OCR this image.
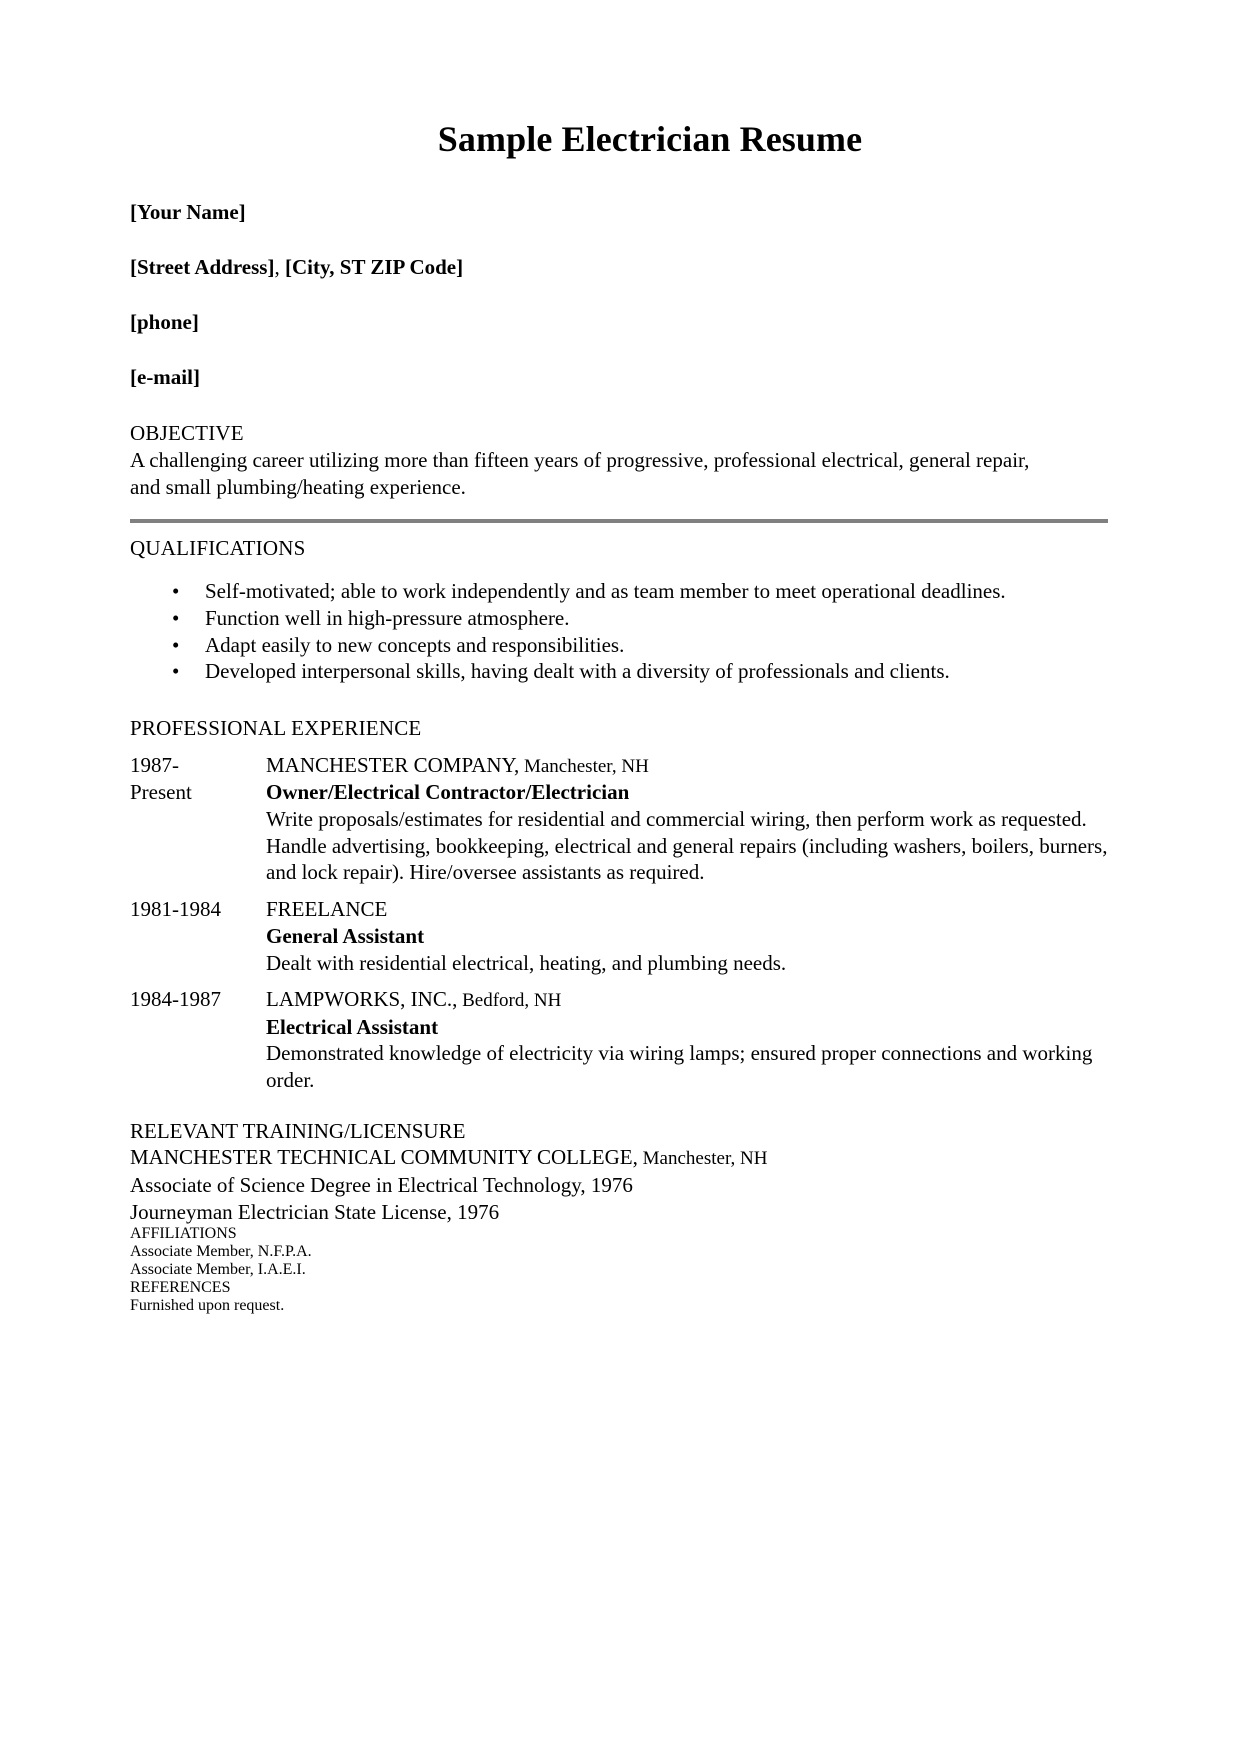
Sample Electrician Resume

[Your Name]

[Street Address], [City, ST ZIP Code]

[phone]

[e-mail]

OBJECTIVE
A challenging career utilizing more than fifteen years of progressive, professional electrical, general repair, and small plumbing/heating experience.
QUALIFICATIONS
• Self-motivated; able to work independently and as team member to meet operational deadlines.
• Function well in high-pressure atmosphere.
• Adapt easily to new concepts and responsibilities.
• Developed interpersonal skills, having dealt with a diversity of professionals and clients.
PROFESSIONAL EXPERIENCE
1987-
Present
MANCHESTER COMPANY, Manchester, NH
Owner/Electrical Contractor/Electrician
Write proposals/estimates for residential and commercial wiring, then perform work as requested. Handle advertising, bookkeeping, electrical and general repairs (including washers, boilers, burners, and lock repair). Hire/oversee assistants as required.
1981-1984	FREELANCE
General Assistant
Dealt with residential electrical, heating, and plumbing needs.
1984-1987	LAMPWORKS, INC., Bedford, NH
Electrical Assistant
Demonstrated knowledge of electricity via wiring lamps; ensured proper connections and working order.
RELEVANT TRAINING/LICENSURE
MANCHESTER TECHNICAL COMMUNITY COLLEGE, Manchester, NH
Associate of Science Degree in Electrical Technology, 1976
Journeyman Electrician State License, 1976
AFFILIATIONS
Associate Member, N.F.P.A.
Associate Member, I.A.E.I.
REFERENCES
Furnished upon request.
